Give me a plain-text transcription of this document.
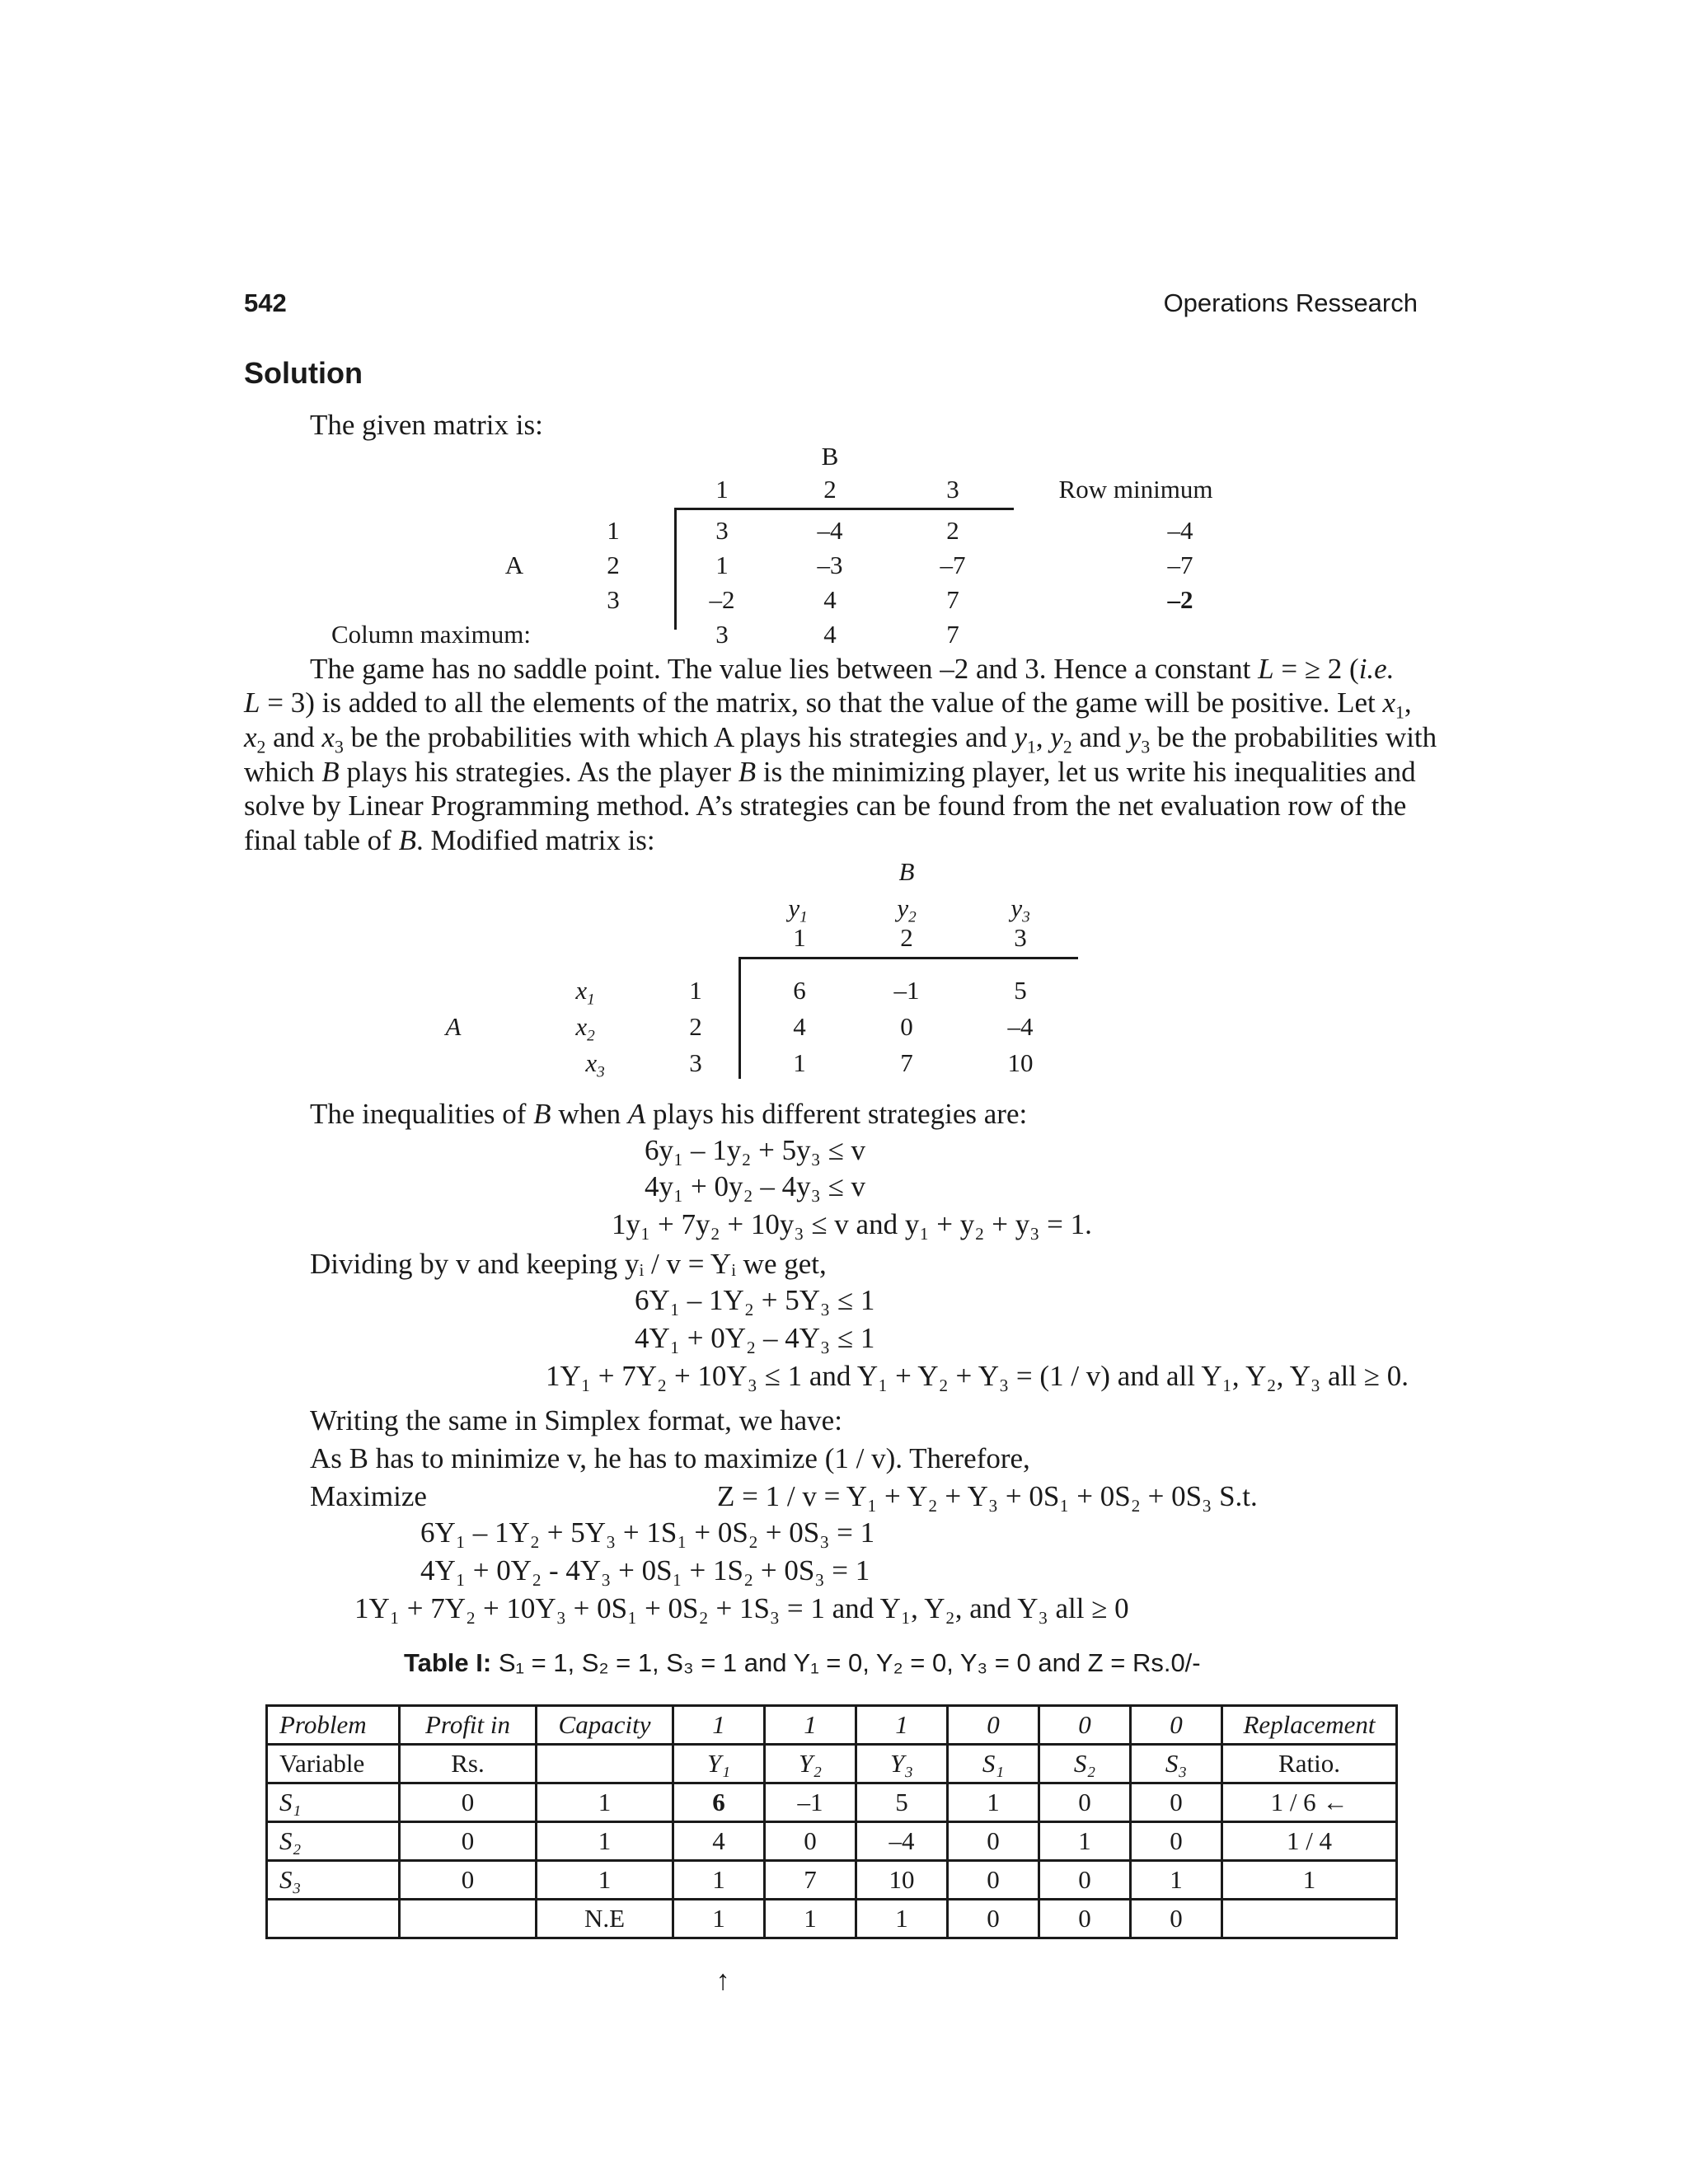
542	Operations Ressearch
Solution
The given matrix is:
B
1	2	3	Row minimum
A
1	3	–4	2	–4
2	1	–3	–7	–7
3	–2	4	7	–2
Column maximum:	3	4	7
The game has no saddle point. The value lies between –2 and 3. Hence a constant L = ≥ 2 (i.e.
L = 3) is added to all the elements of the matrix, so that the value of the game will be positive. Let $x_1$,
$x_2$ and $x_3$ be the probabilities with which A plays his strategies and $y_1$, $y_2$ and $y_3$ be the probabilities with
which B plays his strategies. As the player B is the minimizing player, let us write his inequalities and
solve by Linear Programming method. A’s strategies can be found from the net evaluation row of the
final table of B. Modified matrix is:
B
$y_1$	$y_2$	$y_3$
1	2	3
A
$x_1$	1	6	–1	5
$x_2$	2	4	0	–4
$x_3$	3	1	7	10
The inequalities of B when A plays his different strategies are:
6y₁ – 1y₂ + 5y₃ ≤ v
4y₁ + 0y₂ – 4y₃ ≤ v
1y₁ + 7y₂ + 10y₃ ≤ v and y₁ + y₂ + y₃ = 1.
Dividing by v and keeping yᵢ / v = Yᵢ we get,
6Y₁ – 1Y₂ + 5Y₃ ≤ 1
4Y₁ + 0Y₂ – 4Y₃ ≤ 1
1Y₁ + 7Y₂ + 10Y₃ ≤ 1 and Y₁ + Y₂ + Y₃ = (1 / v) and all Y₁, Y₂, Y₃ all ≥ 0.
Writing the same in Simplex format, we have:
As B has to minimize v, he has to maximize (1 / v). Therefore,
Maximize	Z = 1 / v = Y₁ + Y₂ + Y₃ + 0S₁ + 0S₂ + 0S₃ S.t.
6Y₁ – 1Y₂ + 5Y₃ + 1S₁ + 0S₂ + 0S₃ = 1
4Y₁ + 0Y₂ - 4Y₃ + 0S₁ + 1S₂ + 0S₃ = 1
1Y₁ + 7Y₂ + 10Y₃ + 0S₁ + 0S₂ + 1S₃ = 1 and Y₁, Y₂, and Y₃ all ≥ 0
Table I: S₁ = 1, S₂ = 1, S₃ = 1 and Y₁ = 0, Y₂ = 0, Y₃ = 0 and Z = Rs.0/-
Problem	Profit in	Capacity	1	1	1	0	0	0	Replacement
Variable	Rs.		Y₁	Y₂	Y₃	S₁	S₂	S₃	Ratio.
S₁	0	1	6	–1	5	1	0	0	1 / 6 ←
S₂	0	1	4	0	–4	0	1	0	1 / 4
S₃	0	1	1	7	10	0	0	1	1
		N.E	1	1	1	0	0	0	
↑
